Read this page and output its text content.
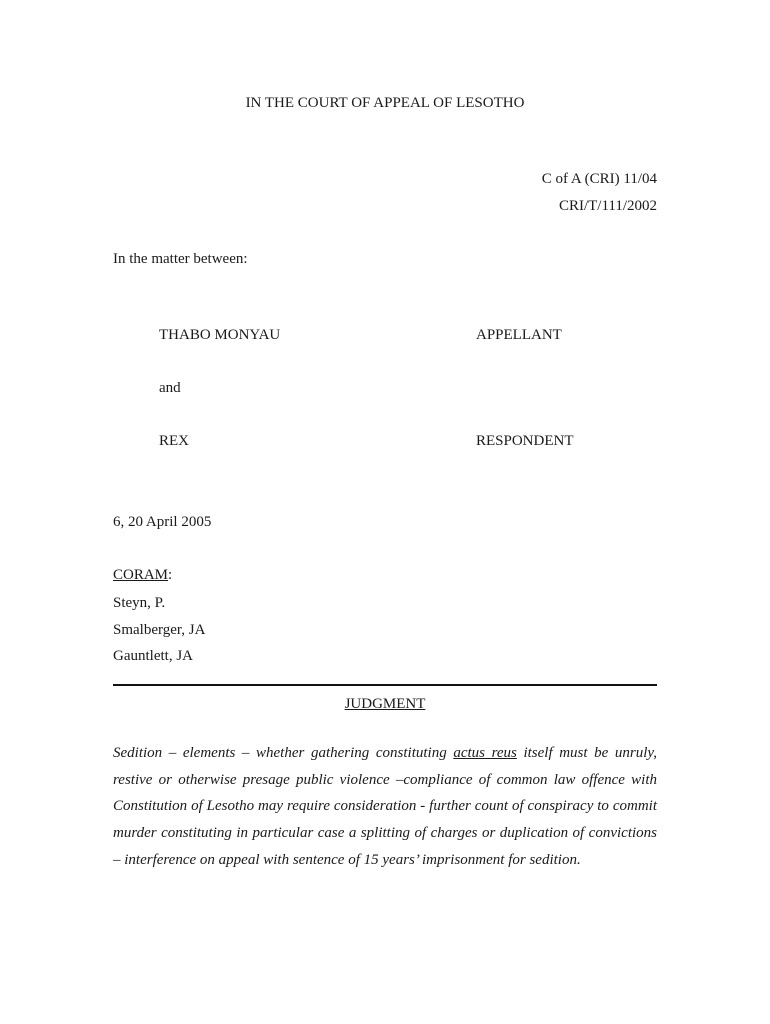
IN THE COURT OF APPEAL OF LESOTHO
C of A (CRI) 11/04
CRI/T/111/2002
In the matter between:
THABO MONYAU	APPELLANT
and
REX	RESPONDENT
6, 20 April 2005
CORAM:
Steyn, P.
Smalberger, JA
Gauntlett, JA
JUDGMENT

Sedition – elements – whether gathering constituting actus reus itself must be unruly, restive or otherwise presage public violence –compliance of common law offence with Constitution of Lesotho may require consideration - further count of conspiracy to commit murder constituting in particular case a splitting of charges or duplication of convictions – interference on appeal with sentence of 15 years’ imprisonment for sedition.
